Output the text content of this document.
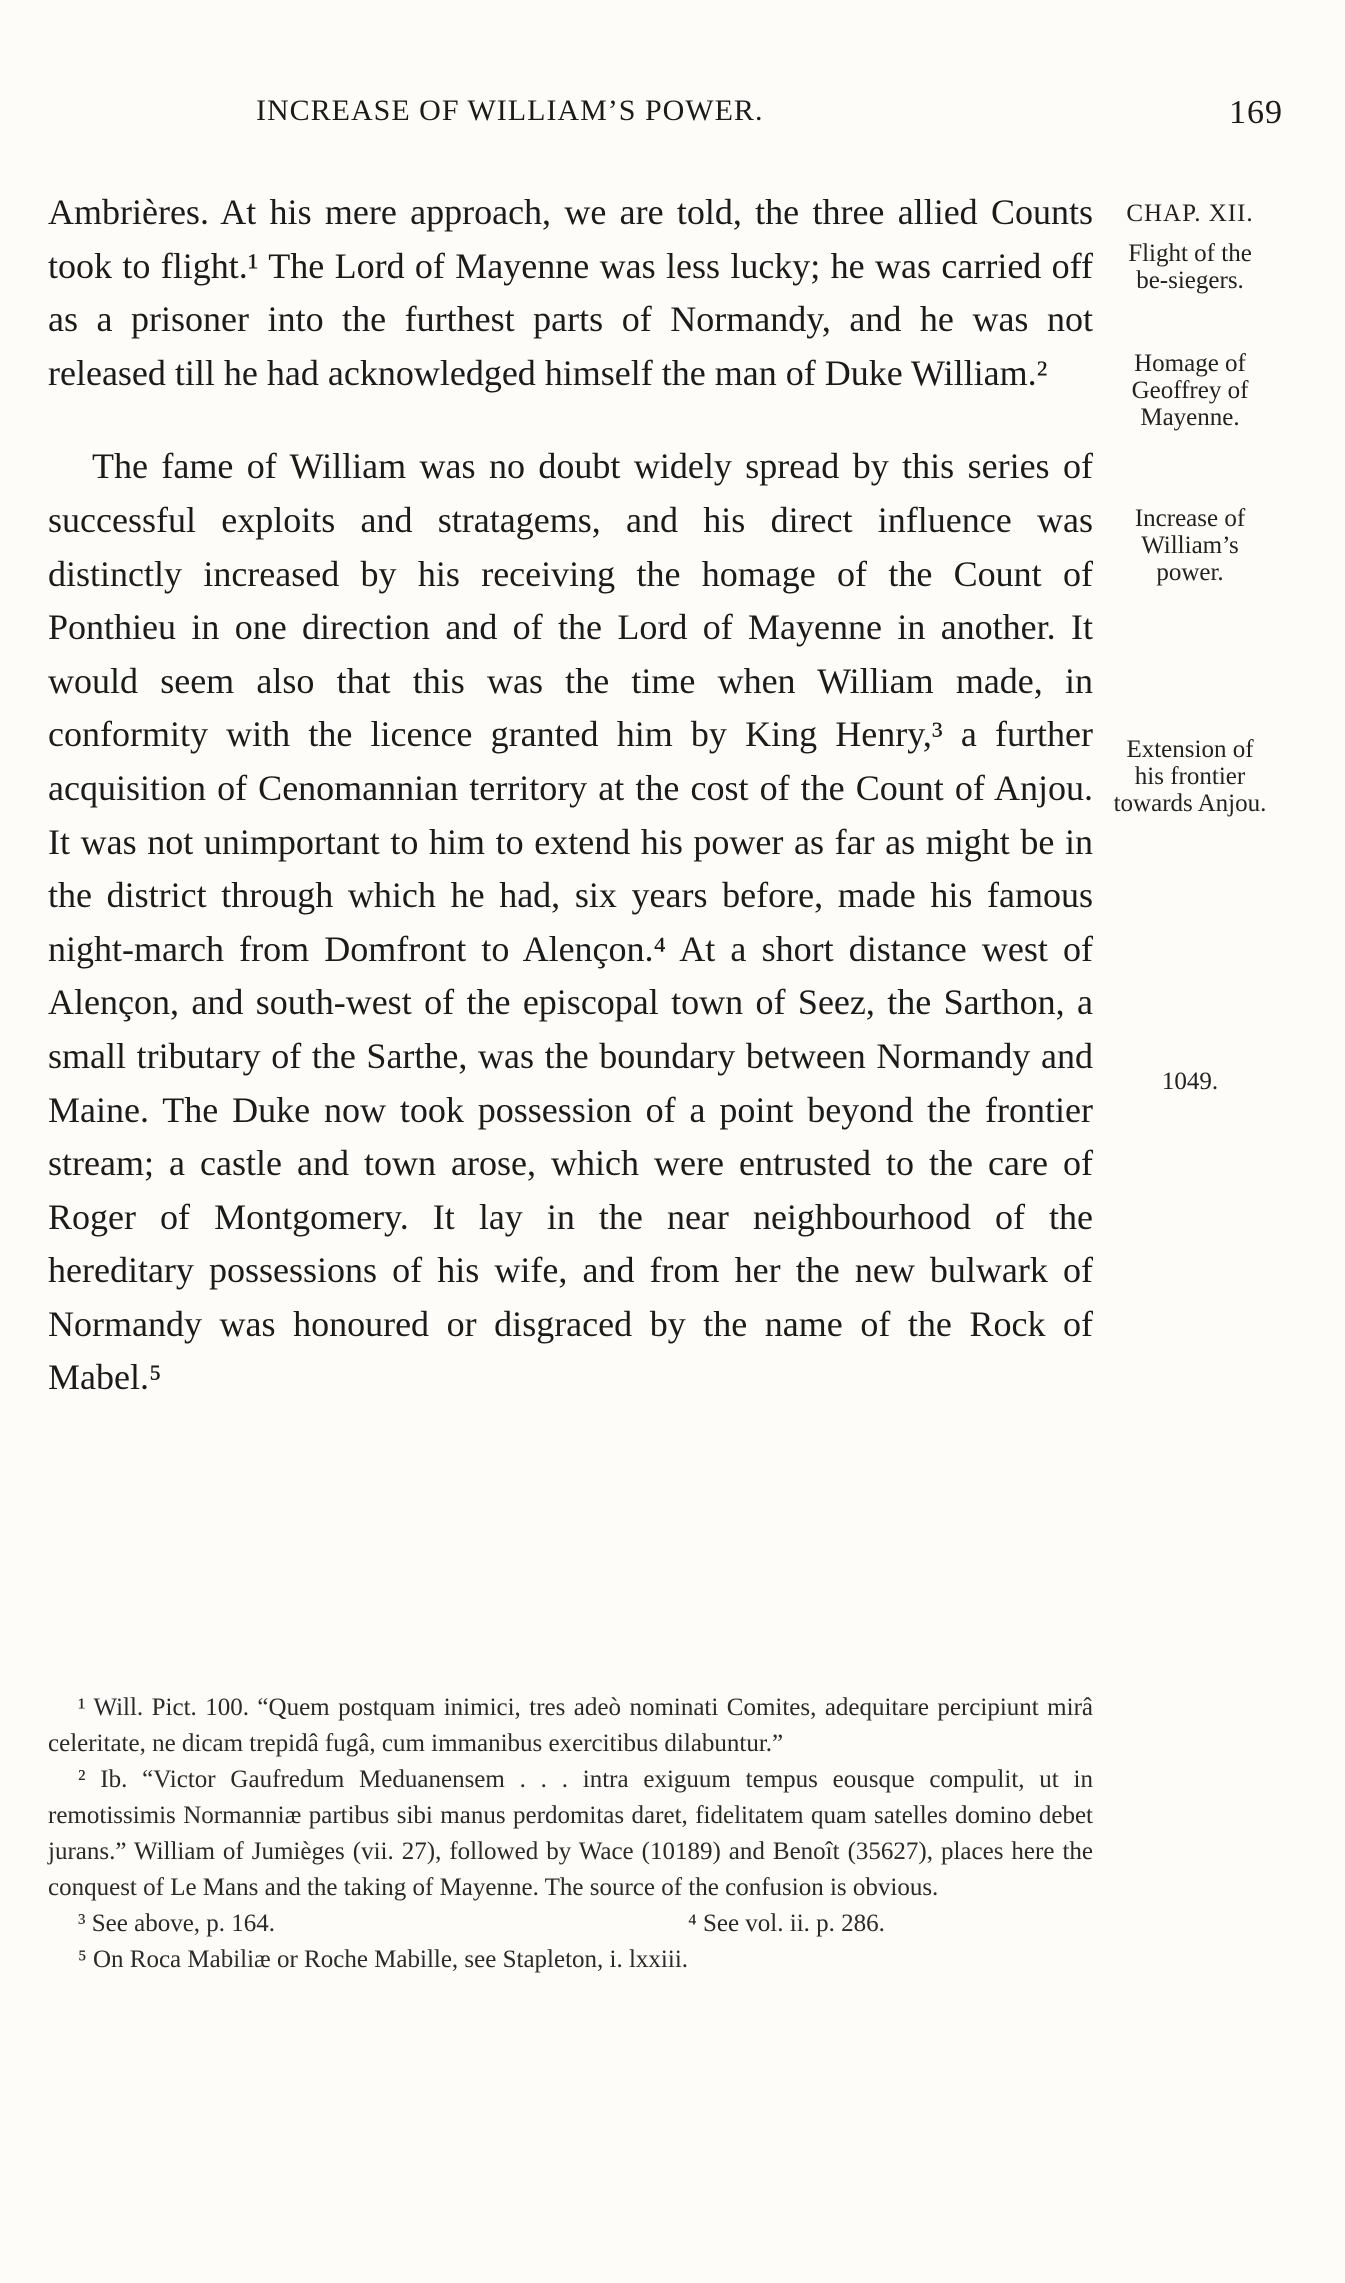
INCREASE OF WILLIAM’S POWER.	169

Ambrières. At his mere approach, we are told, the three allied Counts took to flight.¹ The Lord of Mayenne was less lucky; he was carried off as a prisoner into the furthest parts of Normandy, and he was not released till he had acknowledged himself the man of Duke William.²

The fame of William was no doubt widely spread by this series of successful exploits and stratagems, and his direct influence was distinctly increased by his receiving the homage of the Count of Ponthieu in one direction and of the Lord of Mayenne in another. It would seem also that this was the time when William made, in conformity with the licence granted him by King Henry,³ a further acquisition of Cenomannian territory at the cost of the Count of Anjou. It was not unimportant to him to extend his power as far as might be in the district through which he had, six years before, made his famous night-march from Domfront to Alençon.⁴ At a short distance west of Alençon, and south-west of the episcopal town of Seez, the Sarthon, a small tributary of the Sarthe, was the boundary between Normandy and Maine. The Duke now took possession of a point beyond the frontier stream; a castle and town arose, which were entrusted to the care of Roger of Montgomery. It lay in the near neighbourhood of the hereditary possessions of his wife, and from her the new bulwark of Normandy was honoured or disgraced by the name of the Rock of Mabel.⁵

CHAP. XII.
Flight of the be-siegers.
Homage of Geoffrey of Mayenne.
Increase of William’s power.
Extension of his frontier towards Anjou.
1049.

¹ Will. Pict. 100. “Quem postquam inimici, tres adeò nominati Comites, adequitare percipiunt mirâ celeritate, ne dicam trepidâ fugâ, cum immanibus exercitibus dilabuntur.”

² Ib. “Victor Gaufredum Meduanensem . . . intra exiguum tempus eousque compulit, ut in remotissimis Normanniæ partibus sibi manus perdomitas daret, fidelitatem quam satelles domino debet jurans.” William of Jumièges (vii. 27), followed by Wace (10189) and Benoît (35627), places here the conquest of Le Mans and the taking of Mayenne. The source of the confusion is obvious.

³ See above, p. 164.	⁴ See vol. ii. p. 286.

⁵ On Roca Mabiliæ or Roche Mabille, see Stapleton, i. lxxiii.
